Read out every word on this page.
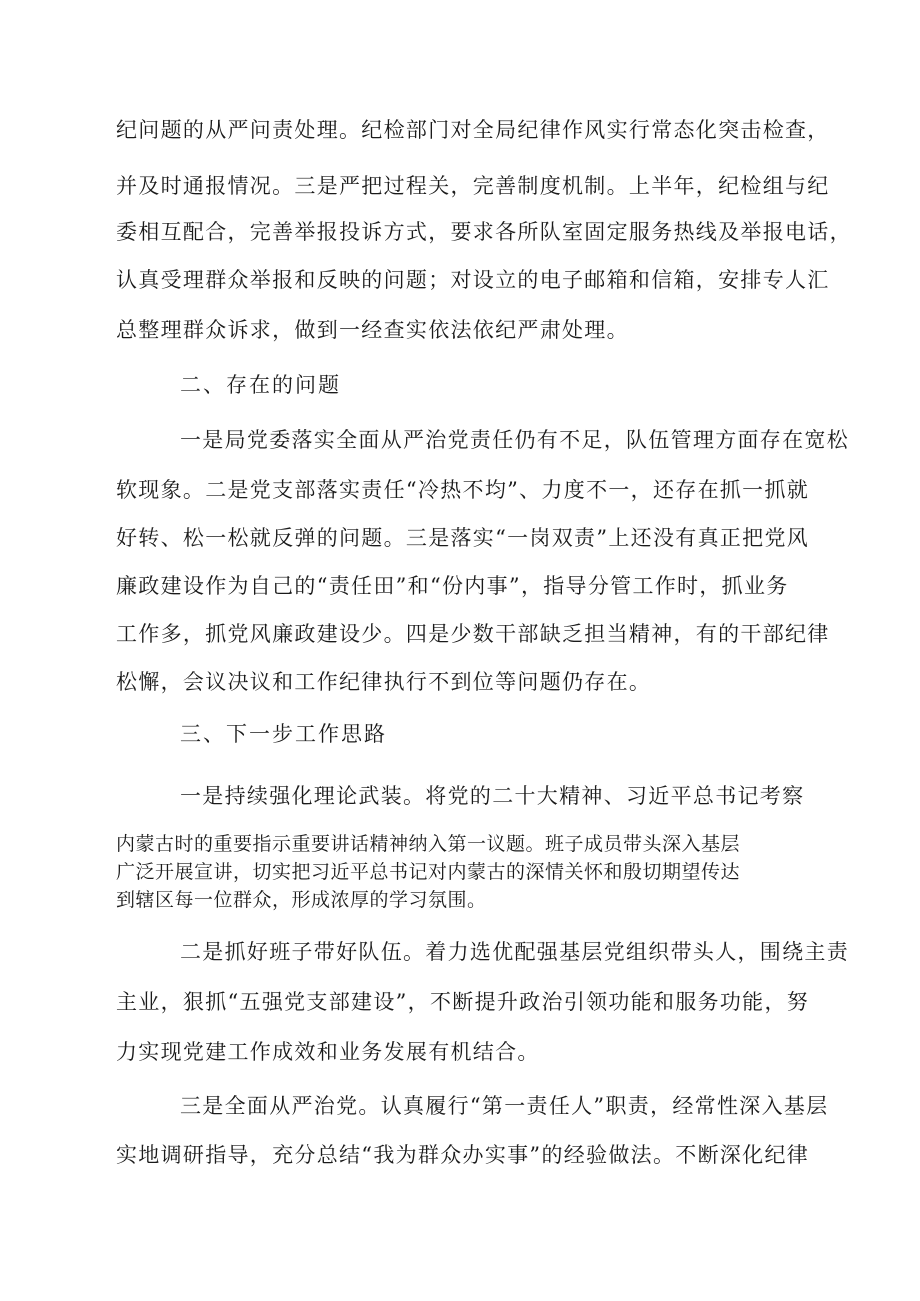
纪问题的从严问责处理。纪检部门对全局纪律作风实行常态化突击检查，
并及时通报情况。三是严把过程关，完善制度机制。上半年，纪检组与纪
委相互配合，完善举报投诉方式，要求各所队室固定服务热线及举报电话，
认真受理群众举报和反映的问题；对设立的电子邮箱和信箱，安排专人汇
总整理群众诉求，做到一经查实依法依纪严肃处理。
二、存在的问题
一是局党委落实全面从严治党责任仍有不足，队伍管理方面存在宽松
软现象。二是党支部落实责任“冷热不均”、力度不一，还存在抓一抓就
好转、松一松就反弹的问题。三是落实“一岗双责”上还没有真正把党风
廉政建设作为自己的“责任田”和“份内事”，指导分管工作时，抓业务
工作多，抓党风廉政建设少。四是少数干部缺乏担当精神，有的干部纪律
松懈，会议决议和工作纪律执行不到位等问题仍存在。
三、下一步工作思路
一是持续强化理论武装。将党的二十大精神、习近平总书记考察
内蒙古时的重要指示重要讲话精神纳入第一议题。班子成员带头深入基层
广泛开展宣讲，切实把习近平总书记对内蒙古的深情关怀和殷切期望传达
到辖区每一位群众，形成浓厚的学习氛围。
二是抓好班子带好队伍。着力选优配强基层党组织带头人，围绕主责
主业，狠抓“五强党支部建设”，不断提升政治引领功能和服务功能，努
力实现党建工作成效和业务发展有机结合。
三是全面从严治党。认真履行“第一责任人”职责，经常性深入基层
实地调研指导，充分总结“我为群众办实事”的经验做法。不断深化纪律
